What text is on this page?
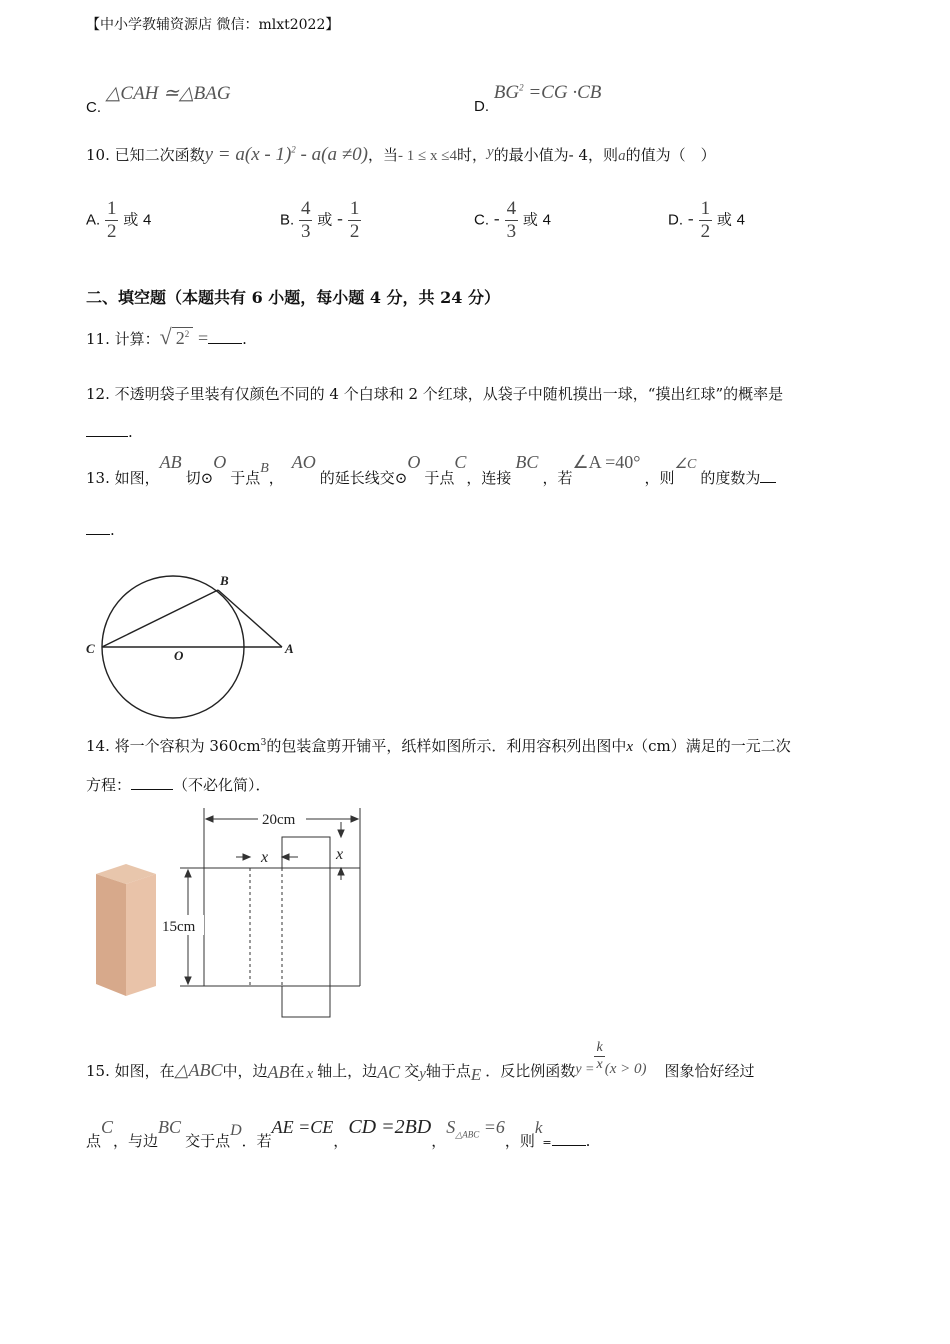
【中小学教辅资源店 微信：mlxt2022】
C. △CAH ≃△BAG
D. $BG^2 =CG \cdot CB$
10. 已知二次函数y = a(x - 1)$^2$ - a(a ≠0)，当- 1 ≤ x ≤4时，y的最小值为- 4，则a的值为（　）
A. $\frac{1}{2}$ 或 4	B. $\frac{4}{3}$ 或 - $\frac{1}{2}$	C. - $\frac{4}{3}$ 或 4	D. - $\frac{1}{2}$ 或 4
二、填空题（本题共有 6 小题，每小题 4 分，共 24 分）
11. 计算：√ $2^2$ = .
12. 不透明袋子里装有仅颜色不同的 4 个白球和 2 个红球，从袋子中随机摸出一球，“摸出红球”的概率是
.
13. 如图，AB切⊙O于点B，AO的延长线交⊙O于点C，连接BC，若∠A =40°，则∠C的度数为
.
B
C	O	A
14. 将一个容积为 $360cm^3$的包装盒剪开铺平，纸样如图所示．利用容积列出图中x（cm）满足的一元二次
方程：	（不必化简）．
20cm
x	x
15cm
15. 如图，在△ABC中，边AB在 x 轴上，边AC 交y轴于点E ．反比例函数$y = \frac{k}{x} (x > 0)$ 图象恰好经过
点C，与边BC交于点D．若AE =CE，CD =2BD，$S_{\triangle ABC} =6$，则$k_=$ .
